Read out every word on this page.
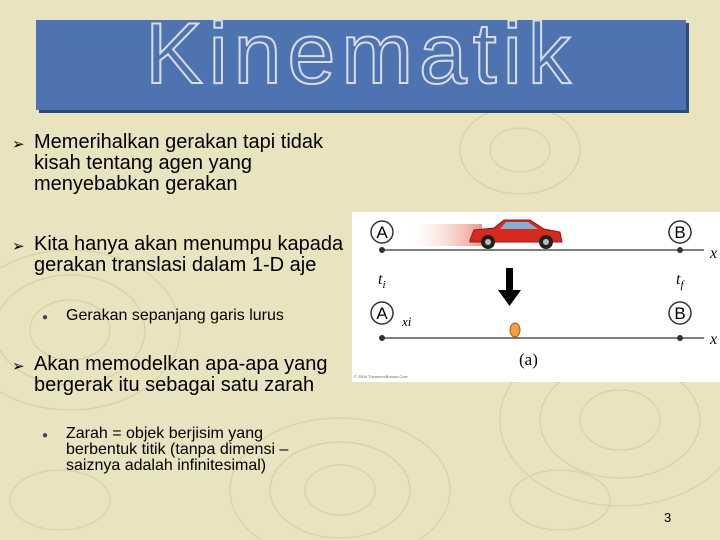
Kinematik
➢ Memerihalkan gerakan tapi tidak kisah tentang agen yang menyebabkan gerakan
➢ Kita hanya akan menumpu kapada gerakan translasi dalam 1-D aje
● Gerakan sepanjang garis lurus
➢ Akan memodelkan apa-apa yang bergerak itu sebagai satu zarah
● Zarah = objek berjisim yang berbentuk titik (tanpa dimensi – saiznya adalah infinitesimal)
A	B
x
$t_i$	$t_f$
A	B
xi
x
(a)
© 2004 Thomson/Brooks Cole
3
